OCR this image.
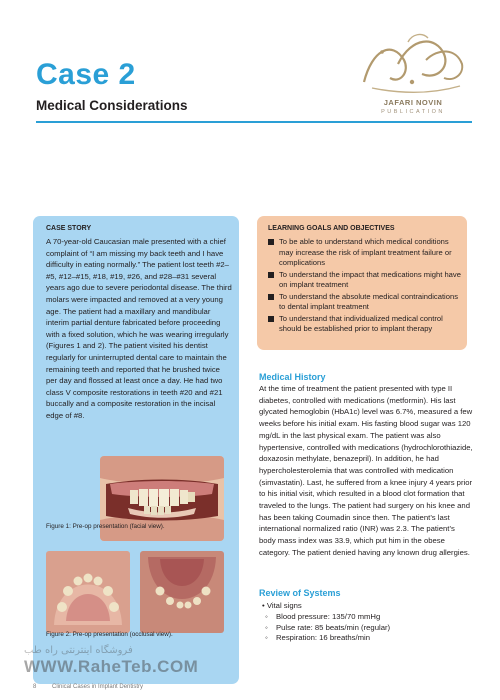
Case 2
Medical Considerations	JAFARI NOVIN
PUBLICATION
CASE STORY
A 70-year-old Caucasian male presented with a chief complaint of “I am missing my back teeth and I have difficulty in eating normally.” The patient lost teeth #2–#5, #12–#15, #18, #19, #26, and #28–#31 several years ago due to severe periodontal disease. The third molars were impacted and removed at a very young age. The patient had a maxillary and mandibular interim partial denture fabricated before proceeding with a fixed solution, which he was wearing irregularly (Figures 1 and 2). The patient visited his dentist regularly for uninterrupted dental care to maintain the remaining teeth and reported that he brushed twice per day and flossed at least once a day. He had two class V composite restorations in teeth #20 and #21 buccally and a composite restoration in the incisal edge of #8.
Figure 1: Pre-op presentation (facial view).
Figure 2: Pre-op presentation (occlusal view).
LEARNING GOALS AND OBJECTIVES
To be able to understand which medical conditions may increase the risk of implant treatment failure or complications
To understand the impact that medications might have on implant treatment
To understand the absolute medical contraindications to dental implant treatment
To understand that individualized medical control should be established prior to implant therapy
Medical History
At the time of treatment the patient presented with type II diabetes, controlled with medications (metformin). His last glycated hemoglobin (HbA1c) level was 6.7%, measured a few weeks before his initial exam. His fasting blood sugar was 120 mg/dL in the last physical exam. The patient was also hypertensive, controlled with medications (hydrochlorothiazide, doxazosin methylate, benazepril). In addition, he had hypercholesterolemia that was controlled with medication (simvastatin). Last, he suffered from a knee injury 4 years prior to his initial visit, which resulted in a blood clot formation that traveled to the lungs. The patient had surgery on his knee and has been taking Coumadin since then. The patient’s last international normalized ratio (INR) was 2.3. The patient’s body mass index was 33.9, which put him in the obese category. The patient denied having any known drug allergies.
Review of Systems
• Vital signs
◦ Blood pressure: 135/70 mmHg
◦ Pulse rate: 85 beats/min (regular)
◦ Respiration: 16 breaths/min
فروشگاه اینترنتی راه طب
WWW.RaheTeb.COM
8	Clinical Cases in Implant Dentistry
